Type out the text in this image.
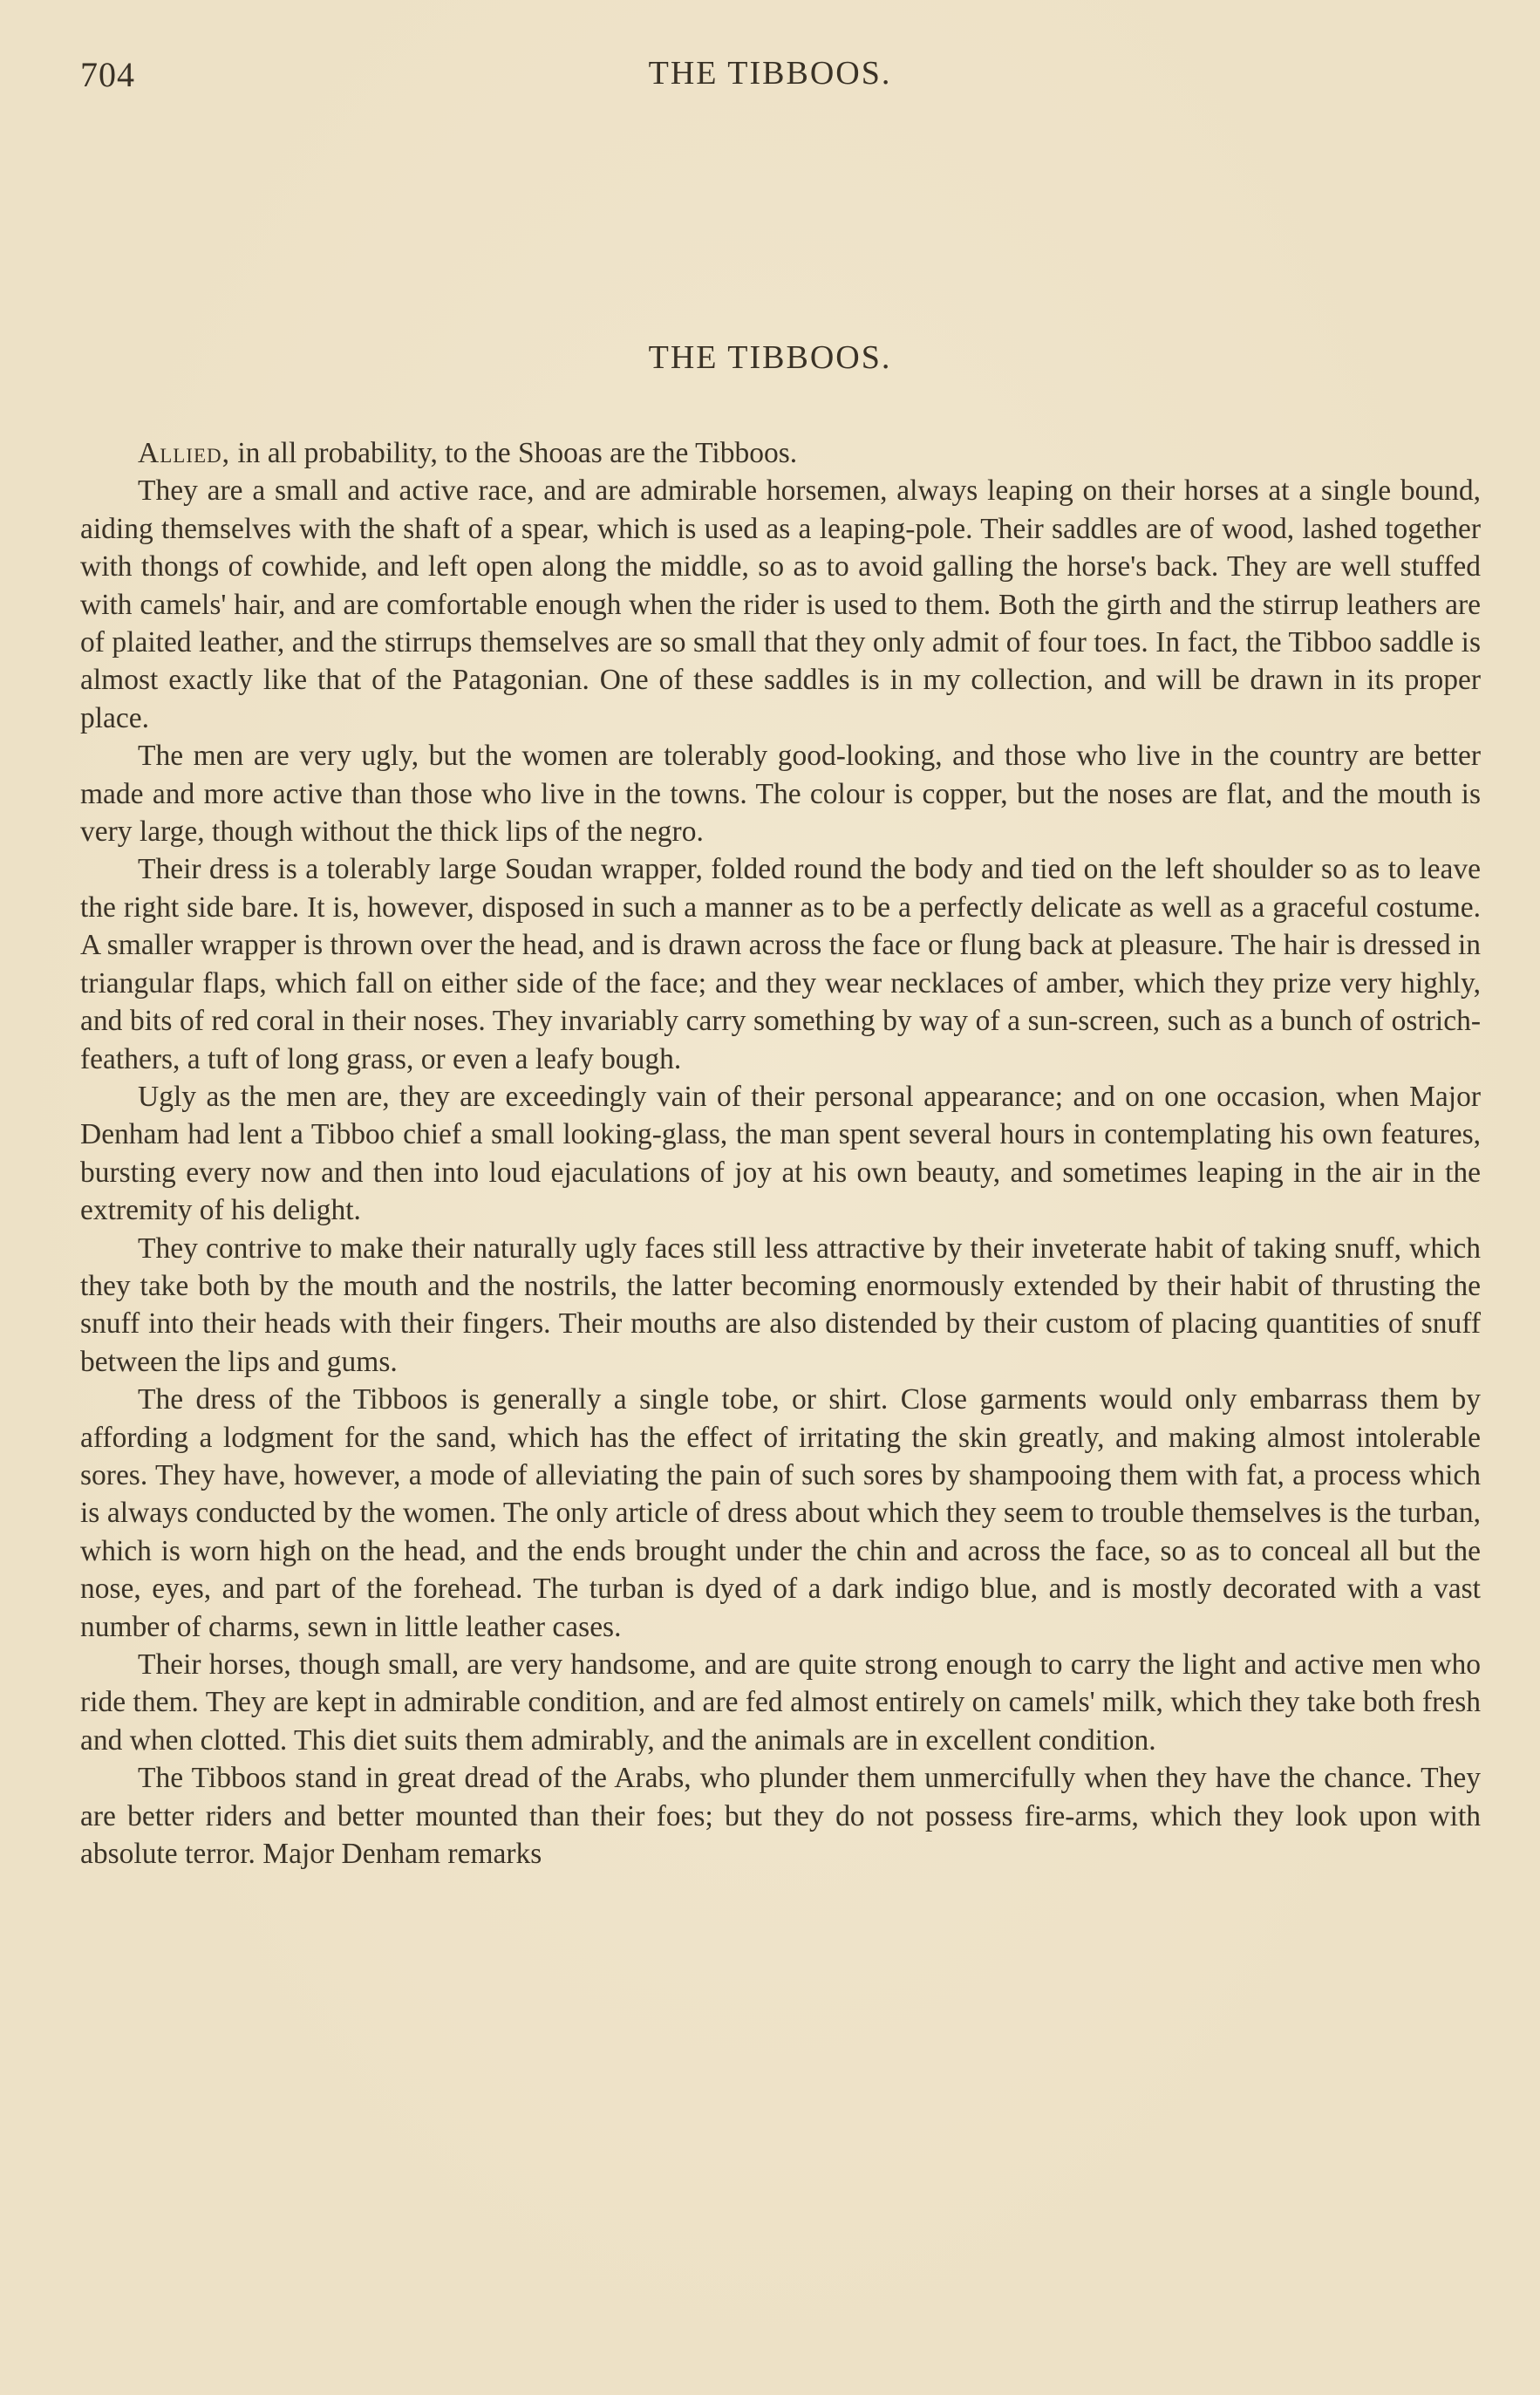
704	THE TIBBOOS.
THE TIBBOOS.

Allied, in all probability, to the Shooas are the Tibboos.

They are a small and active race, and are admirable horsemen, always leaping on their horses at a single bound, aiding themselves with the shaft of a spear, which is used as a leaping-pole. Their saddles are of wood, lashed together with thongs of cowhide, and left open along the middle, so as to avoid galling the horse's back. They are well stuffed with camels' hair, and are comfortable enough when the rider is used to them. Both the girth and the stirrup leathers are of plaited leather, and the stirrups themselves are so small that they only admit of four toes. In fact, the Tibboo saddle is almost exactly like that of the Patagonian. One of these saddles is in my collection, and will be drawn in its proper place.

The men are very ugly, but the women are tolerably good-looking, and those who live in the country are better made and more active than those who live in the towns. The colour is copper, but the noses are flat, and the mouth is very large, though without the thick lips of the negro.

Their dress is a tolerably large Soudan wrapper, folded round the body and tied on the left shoulder so as to leave the right side bare. It is, however, disposed in such a manner as to be a perfectly delicate as well as a graceful costume. A smaller wrapper is thrown over the head, and is drawn across the face or flung back at pleasure. The hair is dressed in triangular flaps, which fall on either side of the face; and they wear necklaces of amber, which they prize very highly, and bits of red coral in their noses. They invariably carry something by way of a sun-screen, such as a bunch of ostrich-feathers, a tuft of long grass, or even a leafy bough.

Ugly as the men are, they are exceedingly vain of their personal appearance; and on one occasion, when Major Denham had lent a Tibboo chief a small looking-glass, the man spent several hours in contemplating his own features, bursting every now and then into loud ejaculations of joy at his own beauty, and sometimes leaping in the air in the extremity of his delight.

They contrive to make their naturally ugly faces still less attractive by their inveterate habit of taking snuff, which they take both by the mouth and the nostrils, the latter becoming enormously extended by their habit of thrusting the snuff into their heads with their fingers. Their mouths are also distended by their custom of placing quantities of snuff between the lips and gums.

The dress of the Tibboos is generally a single tobe, or shirt. Close garments would only embarrass them by affording a lodgment for the sand, which has the effect of irritating the skin greatly, and making almost intolerable sores. They have, however, a mode of alleviating the pain of such sores by shampooing them with fat, a process which is always conducted by the women. The only article of dress about which they seem to trouble themselves is the turban, which is worn high on the head, and the ends brought under the chin and across the face, so as to conceal all but the nose, eyes, and part of the forehead. The turban is dyed of a dark indigo blue, and is mostly decorated with a vast number of charms, sewn in little leather cases.

Their horses, though small, are very handsome, and are quite strong enough to carry the light and active men who ride them. They are kept in admirable condition, and are fed almost entirely on camels' milk, which they take both fresh and when clotted. This diet suits them admirably, and the animals are in excellent condition.

The Tibboos stand in great dread of the Arabs, who plunder them unmercifully when they have the chance. They are better riders and better mounted than their foes; but they do not possess fire-arms, which they look upon with absolute terror. Major Denham remarks
